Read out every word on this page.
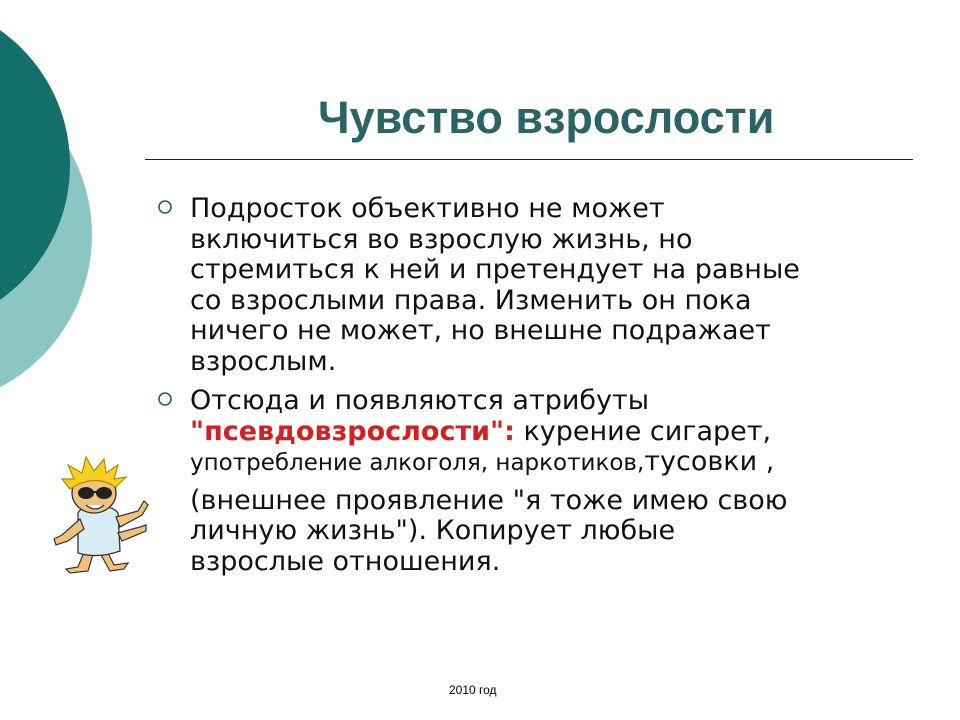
Чувство взрослости
Подросток объективно не может
включиться во взрослую жизнь, но
стремиться к ней и претендует на равные
со взрослыми права. Изменить он пока
ничего не может, но внешне подражает
взрослым.
Отсюда и появляются атрибуты
"псевдовзрослости": курение сигарет,
употребление алкоголя, наркотиков,тусовки ,
(внешнее проявление "я тоже имею свою
личную жизнь"). Копирует любые
взрослые отношения.
2010 год
